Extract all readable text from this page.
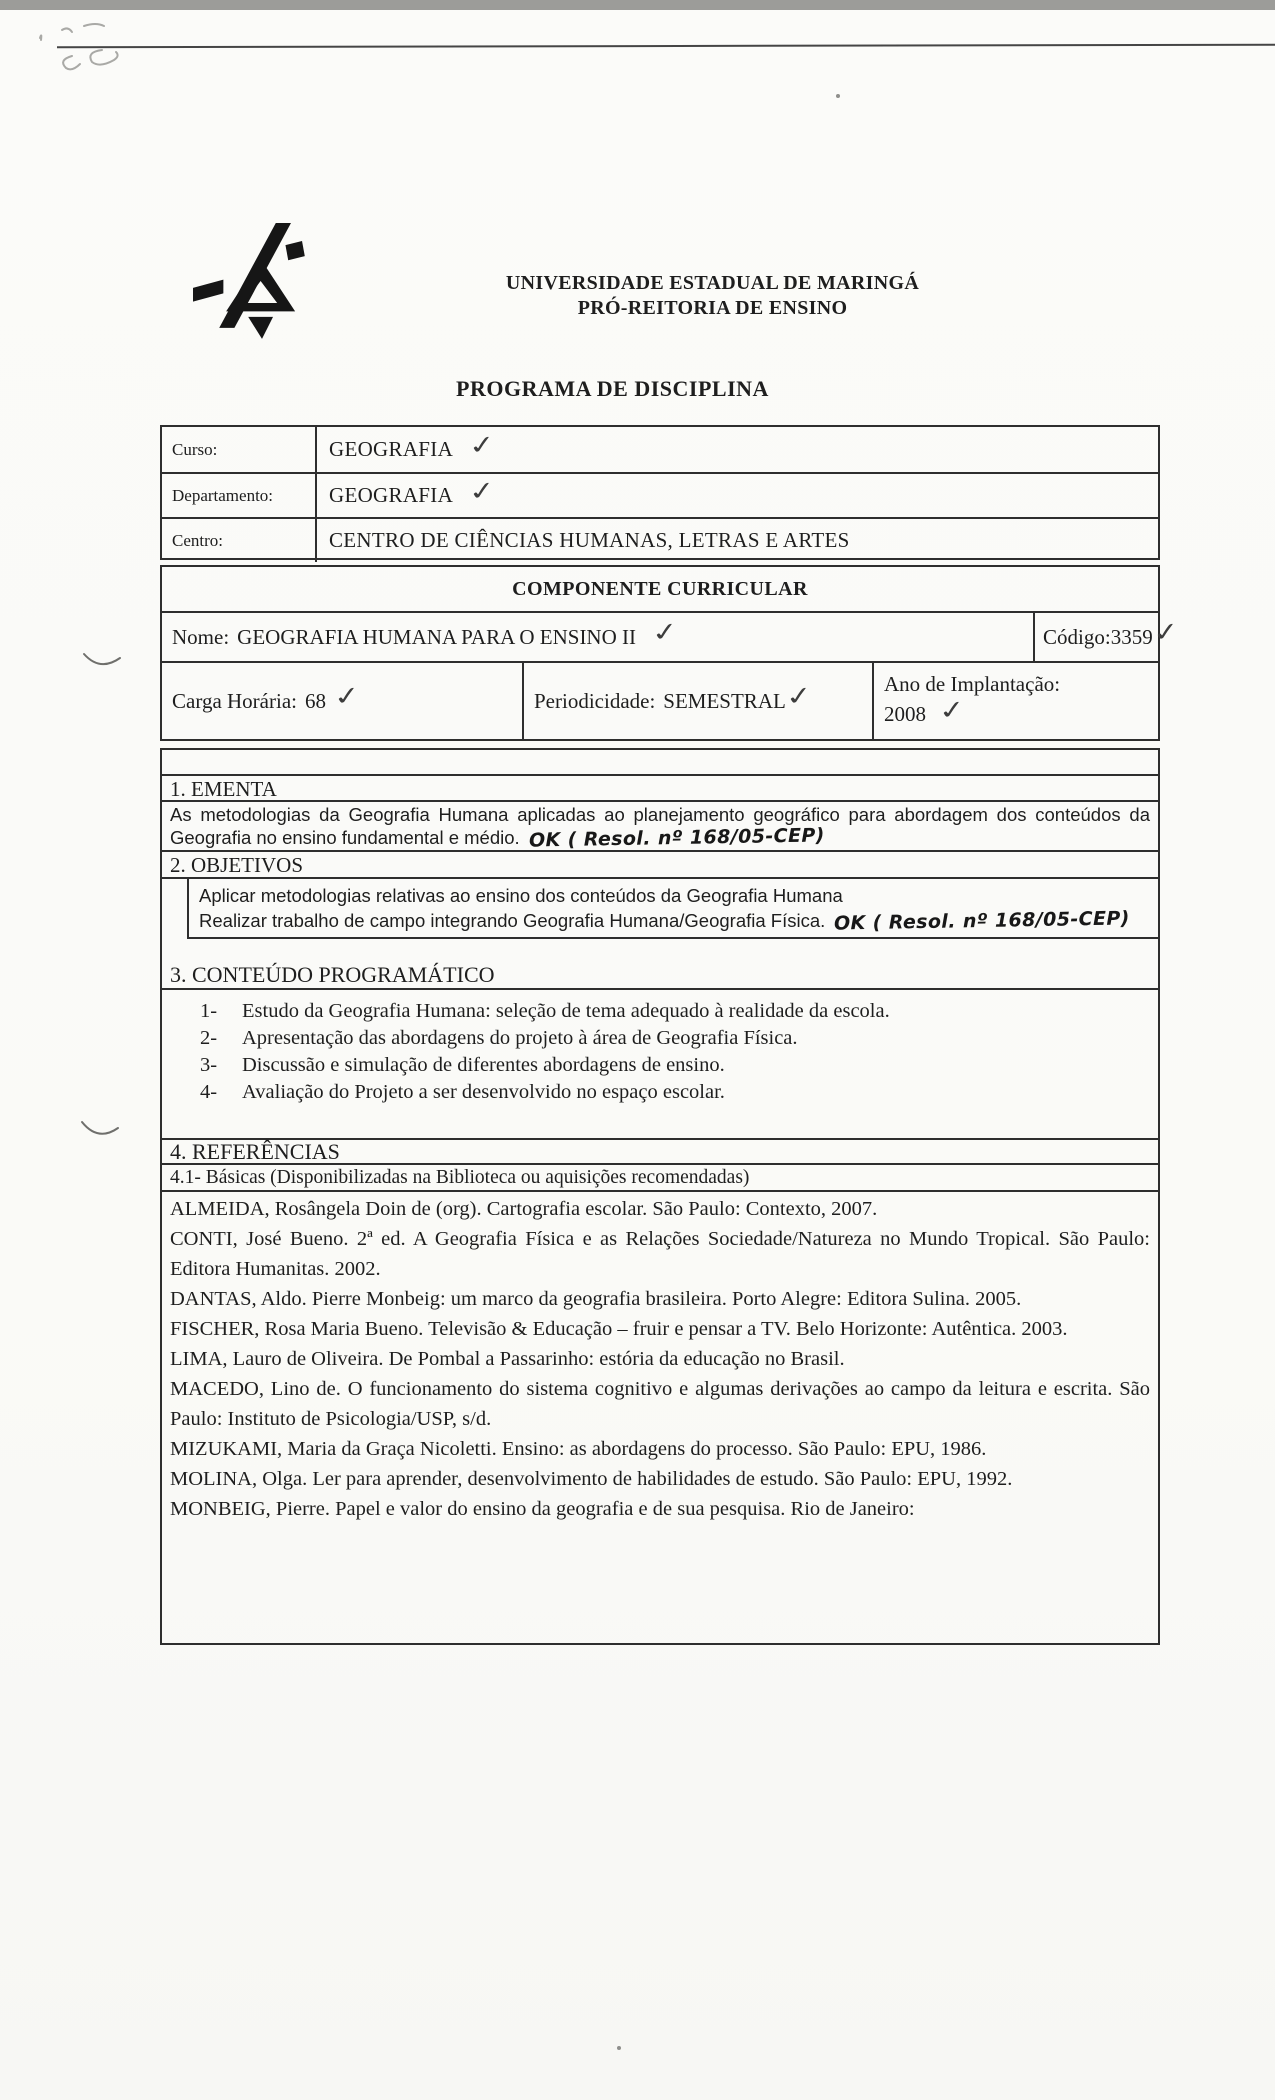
UNIVERSIDADE ESTADUAL DE MARINGÁ
PRÓ-REITORIA DE ENSINO
PROGRAMA DE DISCIPLINA
Curso:	GEOGRAFIA ✓
Departamento:	GEOGRAFIA ✓
Centro:	CENTRO DE CIÊNCIAS HUMANAS, LETRAS E ARTES
COMPONENTE CURRICULAR
Nome: GEOGRAFIA HUMANA PARA O ENSINO II ✓	Código: 3359
✓
Carga Horária: 68 ✓	Periodicidade: SEMESTRAL
✓	Ano de Implantação:
2008 ✓
1. EMENTA
As metodologias da Geografia Humana aplicadas ao planejamento geográfico para abordagem dos conteúdos da Geografia no ensino fundamental e médio. OK ( Resol. nº 168/05-CEP)
2. OBJETIVOS
Aplicar metodologias relativas ao ensino dos conteúdos da Geografia Humana
Realizar trabalho de campo integrando Geografia Humana/Geografia Física. OK ( Resol. nº 168/05-CEP)
3. CONTEÚDO PROGRAMÁTICO
1-	Estudo da Geografia Humana: seleção de tema adequado à realidade da escola.
2-	Apresentação das abordagens do projeto à área de Geografia Física.
3-	Discussão e simulação de diferentes abordagens de ensino.
4-	Avaliação do Projeto a ser desenvolvido no espaço escolar.
4. REFERÊNCIAS
4.1- Básicas (Disponibilizadas na Biblioteca ou aquisições recomendadas)

ALMEIDA, Rosângela Doin de (org). Cartografia escolar. São Paulo: Contexto, 2007.

CONTI, José Bueno. 2ª ed. A Geografia Física e as Relações Sociedade/Natureza no Mundo Tropical. São Paulo: Editora Humanitas. 2002.

DANTAS, Aldo. Pierre Monbeig: um marco da geografia brasileira. Porto Alegre: Editora Sulina. 2005.

FISCHER, Rosa Maria Bueno. Televisão & Educação – fruir e pensar a TV. Belo Horizonte: Autêntica. 2003.

LIMA, Lauro de Oliveira. De Pombal a Passarinho: estória da educação no Brasil.

MACEDO, Lino de. O funcionamento do sistema cognitivo e algumas derivações ao campo da leitura e escrita. São Paulo: Instituto de Psicologia/USP, s/d.

MIZUKAMI, Maria da Graça Nicoletti. Ensino: as abordagens do processo. São Paulo: EPU, 1986.

MOLINA, Olga. Ler para aprender, desenvolvimento de habilidades de estudo. São Paulo: EPU, 1992.

MONBEIG, Pierre. Papel e valor do ensino da geografia e de sua pesquisa. Rio de Janeiro:
